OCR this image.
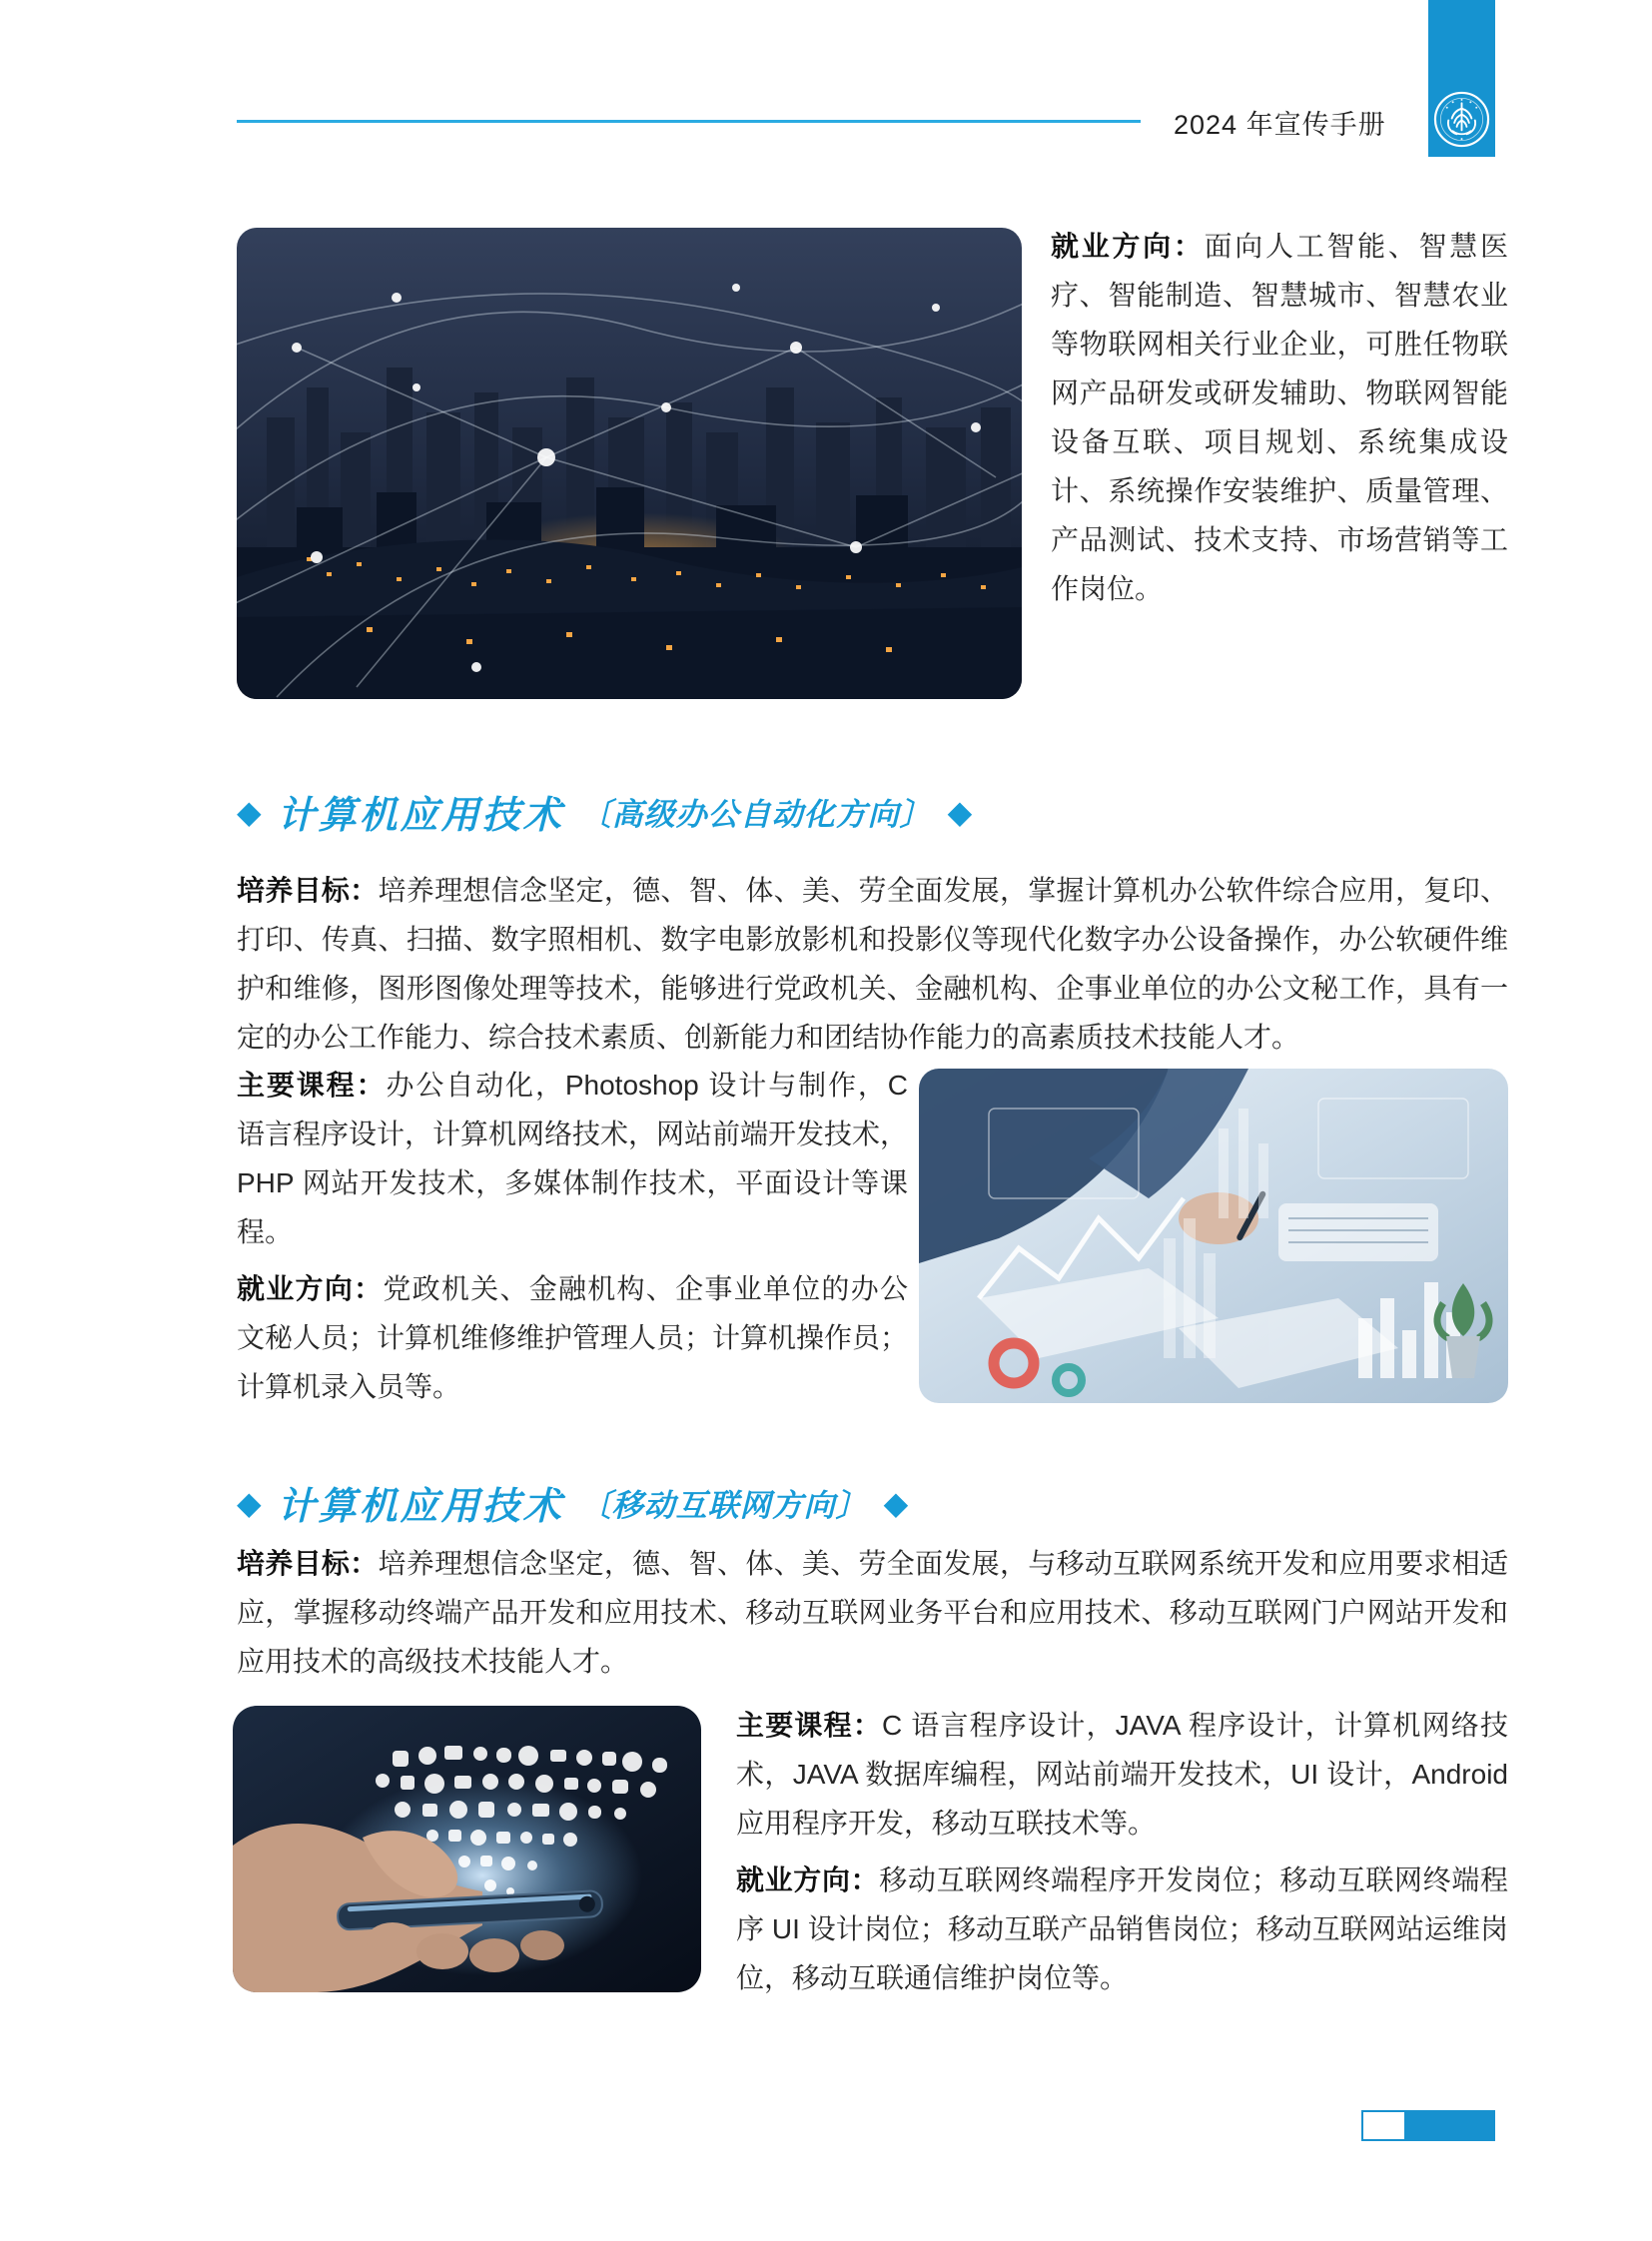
2024 年宣传手册

就业方向：面向人工智能、智慧医疗、智能制造、智慧城市、智慧农业等物联网相关行业企业，可胜任物联网产品研发或研发辅助、物联网智能设备互联、项目规划、系统集成设计、系统操作安装维护、质量管理、产品测试、技术支持、市场营销等工作岗位。

◆ 计算机应用技术 〔高级办公自动化方向〕 ◆

培养目标：培养理想信念坚定，德、智、体、美、劳全面发展，掌握计算机办公软件综合应用，复印、打印、传真、扫描、数字照相机、数字电影放影机和投影仪等现代化数字办公设备操作，办公软硬件维护和维修，图形图像处理等技术，能够进行党政机关、金融机构、企事业单位的办公文秘工作，具有一定的办公工作能力、综合技术素质、创新能力和团结协作能力的高素质技术技能人才。

主要课程：办公自动化，Photoshop 设计与制作，C 语言程序设计，计算机网络技术，网站前端开发技术，PHP 网站开发技术，多媒体制作技术，平面设计等课程。

就业方向：党政机关、金融机构、企事业单位的办公文秘人员；计算机维修维护管理人员；计算机操作员；计算机录入员等。

◆ 计算机应用技术 〔移动互联网方向〕 ◆

培养目标：培养理想信念坚定，德、智、体、美、劳全面发展，与移动互联网系统开发和应用要求相适应，掌握移动终端产品开发和应用技术、移动互联网业务平台和应用技术、移动互联网门户网站开发和应用技术的高级技术技能人才。

主要课程：C 语言程序设计，JAVA 程序设计，计算机网络技术，JAVA 数据库编程，网站前端开发技术，UI 设计，Android 应用程序开发，移动互联技术等。

就业方向：移动互联网终端程序开发岗位；移动互联网终端程序 UI 设计岗位；移动互联产品销售岗位；移动互联网站运维岗位，移动互联通信维护岗位等。
